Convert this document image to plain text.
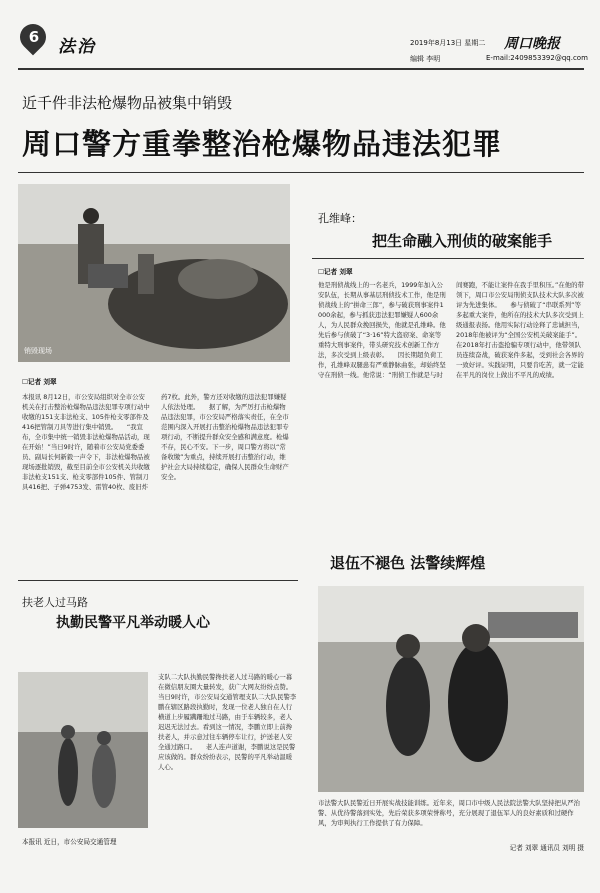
6 法治	2019年8月13日 星期二 周口晚报
编辑 李明	E-mail:2409853392@qq.com
近千件非法枪爆物品被集中销毁
周口警方重拳整治枪爆物品违法犯罪
销毁现场
☐记者 刘翠
本报讯 8月12日，市公安局组织对全市公安机关在打击整治枪爆物品违法犯罪专项行动中收缴的151支非法枪支、105件枪支零部件及416把管制刀具等进行集中销毁。　　“我宣布，全市集中统一销毁非法枪爆物品活动，现在开始！”当日9时许，随着市公安局党委委员、副局长何新毅一声令下，非法枪爆物品被现场逐批销毁，截至目前全市公安机关共收缴非法枪支151支、枪支零部件105件、管制刀具416把、子弹4753发、雷管40枚、废旧炸药7枚。此外，警方还对收缴的违法犯罪嫌疑人依法处理。　　据了解，为严厉打击枪爆物品违法犯罪，市公安局严格落实责任，在全市范围内深入开展打击整治枪爆物品违法犯罪专项行动，不断提升群众安全感和满意度。枪爆不存，民心不安。下一步，周口警方将以“常备收缴”为重点，持续开展打击整治行动，维护社会大局持续稳定，确保人民群众生命财产安全。
孔维峰：
把生命融入刑侦的破案能手
☐记者 刘翠
他是刑侦战线上的一名老兵，1999年加入公安队伍，长期从事基层刑侦技术工作，他是刑侦战线上的“拼命三郎”，参与破获刑事案件1000余起，参与抓获违法犯罪嫌疑人600余人，为人民群众挽回损失，他就是孔维峰。他先后参与侦破了“3·16”特大盗窃案、命案等重特大刑事案件，带头研究技术创新工作方法，多次受到上级表彰。　　因长期超负荷工作，孔维峰双腿患有严重静脉曲张，却始终坚守在刑侦一线。他常说：“刑侦工作就是与时间赛跑，不能让案件在我手里积压。”在他的带领下，周口市公安局刑侦支队技术大队多次被评为先进集体。　　参与侦破了“串联系列”等多起重大案件，他所在的技术大队多次受到上级通报表扬。他用实际行动诠释了忠诚担当，2018年他被评为“全国公安机关破案能手”。在2018年打击盗抢骗专项行动中，他带领队员连续奋战，破获案件多起，受到社会各界的一致好评。实践证明，只要肯吃苦，就一定能在平凡的岗位上做出不平凡的成绩。
退伍不褪色 法警续辉煌
市法警大队民警近日开展实战技能训练。近年来，周口市中级人民法院法警大队坚持把从严治警、从优待警落到实处，先后荣获多项荣誉称号，充分展现了退伍军人的良好素质和过硬作风，为审判执行工作提供了有力保障。
记者 刘翠 通讯员 刘明 摄
扶老人过马路
执勤民警平凡举动暖人心
支队二大队执勤民警搀扶老人过马路的暖心一幕在微信朋友圈大量转发，获广大网友纷纷点赞。　　当日9时许，市公安局交通管理支队二大队民警李鹏在辖区路段执勤时，发现一位老人独自在人行横道上步履蹒跚地过马路，由于车辆较多，老人迟迟无法过去。看到这一情况，李鹏立即上前搀扶老人，并示意过往车辆停车让行，护送老人安全通过路口。　　老人连声道谢，李鹏说这是民警应该做的。群众纷纷表示，民警的平凡举动温暖人心。
本报讯 近日，市公安局交通管理
